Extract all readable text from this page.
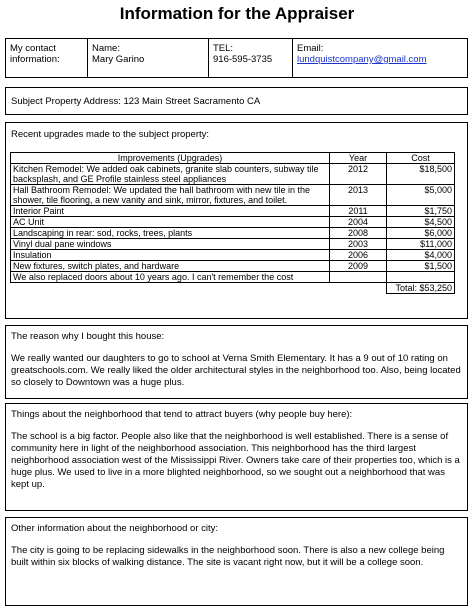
Information for the Appraiser
My contact information:
Name:
Mary Garino
TEL:
916-595-3735
Email:
lundquistcompany@gmail.com
Subject Property Address: 123 Main Street Sacramento CA
Recent upgrades made to the subject property:
Improvements (Upgrades)	Year	Cost
Kitchen Remodel: We added oak cabinets, granite slab counters, subway tile backsplash, and GE Profile stainless steel appliances	2012	$18,500
Hall Bathroom Remodel: We updated the hall bathroom with new tile in the shower, tile flooring, a new vanity and sink, mirror, fixtures, and toilet.	2013	$5,000
Interior Paint	2011	$1,750
AC Unit	2004	$4,500
Landscaping in rear: sod, rocks, trees, plants	2008	$6,000
Vinyl dual pane windows	2003	$11,000
Insulation	2006	$4,000
New fixtures, switch plates, and hardware	2009	$1,500
We also replaced doors about 10 years ago. I can't remember the cost		
		Total: $53,250
The reason why I bought this house:
We really wanted our daughters to go to school at Verna Smith Elementary. It has a 9 out of 10 rating on greatschools.com. We really liked the older architectural styles in the neighborhood too. Also, being located so closely to Downtown was a huge plus.
Things about the neighborhood that tend to attract buyers (why people buy here):
The school is a big factor. People also like that the neighborhood is well established. There is a sense of community here in light of the neighborhood association. This neighborhood has the third largest neighborhood association west of the Mississippi River. Owners take care of their properties too, which is a huge plus. We used to live in a more blighted neighborhood, so we sought out a neighborhood that was kept up.
Other information about the neighborhood or city:
The city is going to be replacing sidewalks in the neighborhood soon. There is also a new college being built within six blocks of walking distance. The site is vacant right now, but it will be a college soon.
